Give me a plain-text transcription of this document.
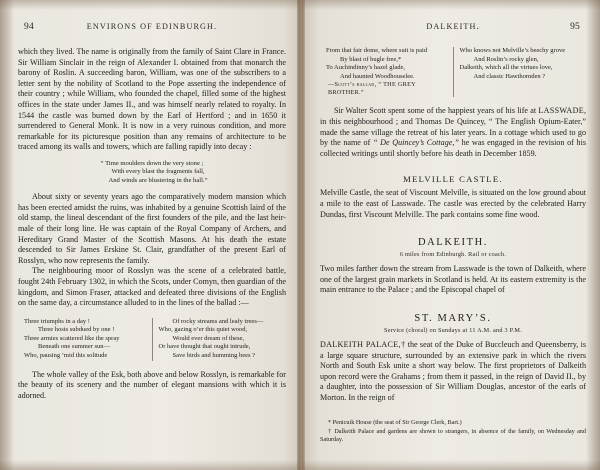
94	ENVIRONS OF EDINBURGH.

which they lived. The name is originally from the family of Saint Clare in France. Sir William Sinclair in the reign of Alexander I. obtained from that monarch the barony of Roslin. A succeeding baron, William, was one of the subscribers to a letter sent by the nobility of Scotland to the Pope asserting the independence of their country ; while William, who founded the chapel, filled some of the highest offices in the state under James II., and was himself nearly related to royalty. In 1544 the castle was burned down by the Earl of Hertford ; and in 1650 it surrendered to General Monk. It is now in a very ruinous condition, and more remarkable for its picturesque position than any remains of architecture to be traced among its walls and towers, which are falling rapidly into decay :

“ Time moulders down the very stone ;
With every blast the fragments fall,
And winds are blustering in the hall.”

About sixty or seventy years ago the comparatively modern mansion which has been erected amidst the ruins, was inhabited by a genuine Scottish laird of the old stamp, the lineal descendant of the first founders of the pile, and the last heir-male of their long line. He was captain of the Royal Company of Archers, and Hereditary Grand Master of the Scottish Masons. At his death the estate descended to Sir James Erskine St. Clair, grandfather of the present Earl of Rosslyn, who now represents the family.

The neighbouring moor of Rosslyn was the scene of a celebrated battle, fought 24th February 1302, in which the Scots, under Comyn, then guardian of the kingdom, and Simon Fraser, attacked and defeated three divisions of the English on the same day, a circumstance alluded to in the lines of the ballad :—

Three triumphs in a day !
Three hosts subdued by one !
Three armies scattered like the spray
Beneath one summer sun—
Who, pausing ’mid this solitude
Of rocky streams and leafy trees—
Who, gazing o’er this quiet wood,
Would ever dream of these,
Or have thought that ought intrude,
Save birds and humming bees ?

The whole valley of the Esk, both above and below Rosslyn, is remarkable for the beauty of its scenery and the number of elegant mansions with which it is adorned.

95
DALKEITH.
From that fair dome, where suit is paid
By blast of bugle free,*
To Auchindinny’s hazel glade,
And haunted Woodhouselee.
—Scott’s ballad, “ THE GREY BROTHER.”
Who knows not Melville’s beechy grove
And Roslin’s rocky glen,
Dalkeith, which all the virtues love,
And classic Hawthornden ?

Sir Walter Scott spent some of the happiest years of his life at LASSWADE, in this neighbourhood ; and Thomas De Quincey, “ The English Opium-Eater,” made the same village the retreat of his later years. In a cottage which used to go by the name of “ De Quincey’s Cottage,” he was engaged in the revision of his collected writings until shortly before his death in December 1859.

MELVILLE CASTLE.

Melville Castle, the seat of Viscount Melville, is situated on the low ground about a mile to the east of Lasswade. The castle was erected by the celebrated Harry Dundas, first Viscount Melville. The park contains some fine wood.

DALKEITH.
6 miles from Edinburgh. Rail or coach.

Two miles farther down the stream from Lasswade is the town of Dalkeith, where one of the largest grain markets in Scotland is held. At its eastern extremity is the main entrance to the Palace ; and the Episcopal chapel of

ST. MARY’S.
Service (choral) on Sundays at 11 A.M. and 3 P.M.

DALKEITH PALACE,† the seat of the Duke of Buccleuch and Queensberry, is a large square structure, surrounded by an extensive park in which the rivers North and South Esk unite a short way below. The first proprietors of Dalkeith upon record were the Grahams ; from them it passed, in the reign of David II., by a daughter, into the possession of Sir William Douglas, ancestor of the earls of Morton. In the reign of

* Penicuik House (the seat of Sir George Clerk, Bart.)

† Dalkeith Palace and gardens are shown to strangers, in absence of the family, on Wednesday and Saturday.
